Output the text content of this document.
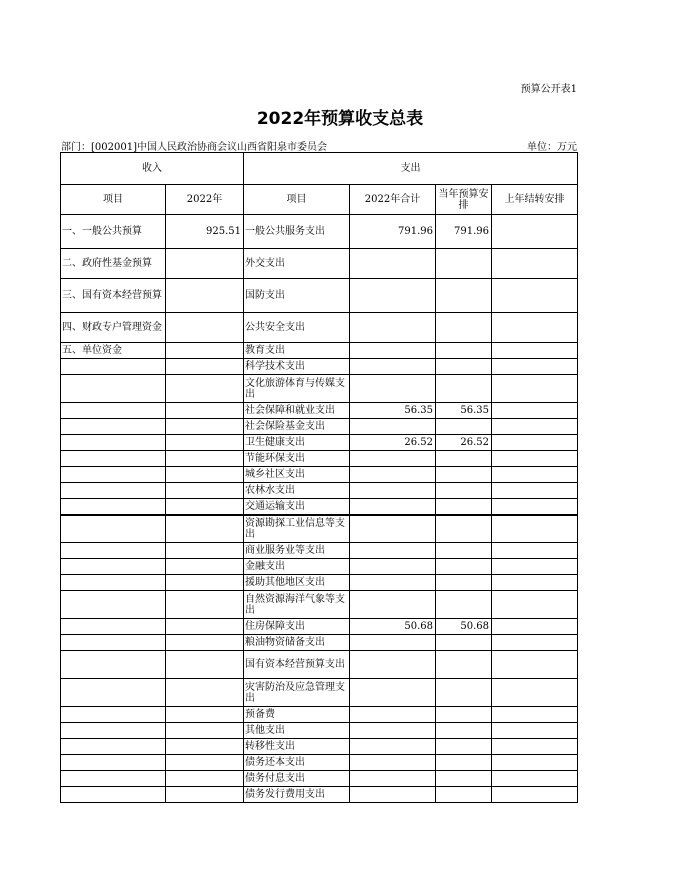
预算公开表1
2022年预算收支总表
部门：[002001]中国人民政治协商会议山西省阳泉市委员会	单位：万元
收入		支出			
项目	2022年	项目	2022年合计	当年预算安排	上年结转安排
一、一般公共预算	925.51	一般公共服务支出	791.96	791.96	
二、政府性基金预算		外交支出			
三、国有资本经营预算		国防支出			
四、财政专户管理资金		公共安全支出			
五、单位资金		教育支出			
		科学技术支出			
		文化旅游体育与传媒支出			
		社会保障和就业支出	56.35	56.35	
		社会保险基金支出			
		卫生健康支出	26.52	26.52	
		节能环保支出			
		城乡社区支出			
		农林水支出			
		交通运输支出			
		资源勘探工业信息等支出			
		商业服务业等支出			
		金融支出			
		援助其他地区支出			
		自然资源海洋气象等支出			
		住房保障支出	50.68	50.68	
		粮油物资储备支出			
		国有资本经营预算支出			
		灾害防治及应急管理支出			
		预备费			
		其他支出			
		转移性支出			
		债务还本支出			
		债务付息支出			
		债务发行费用支出			
